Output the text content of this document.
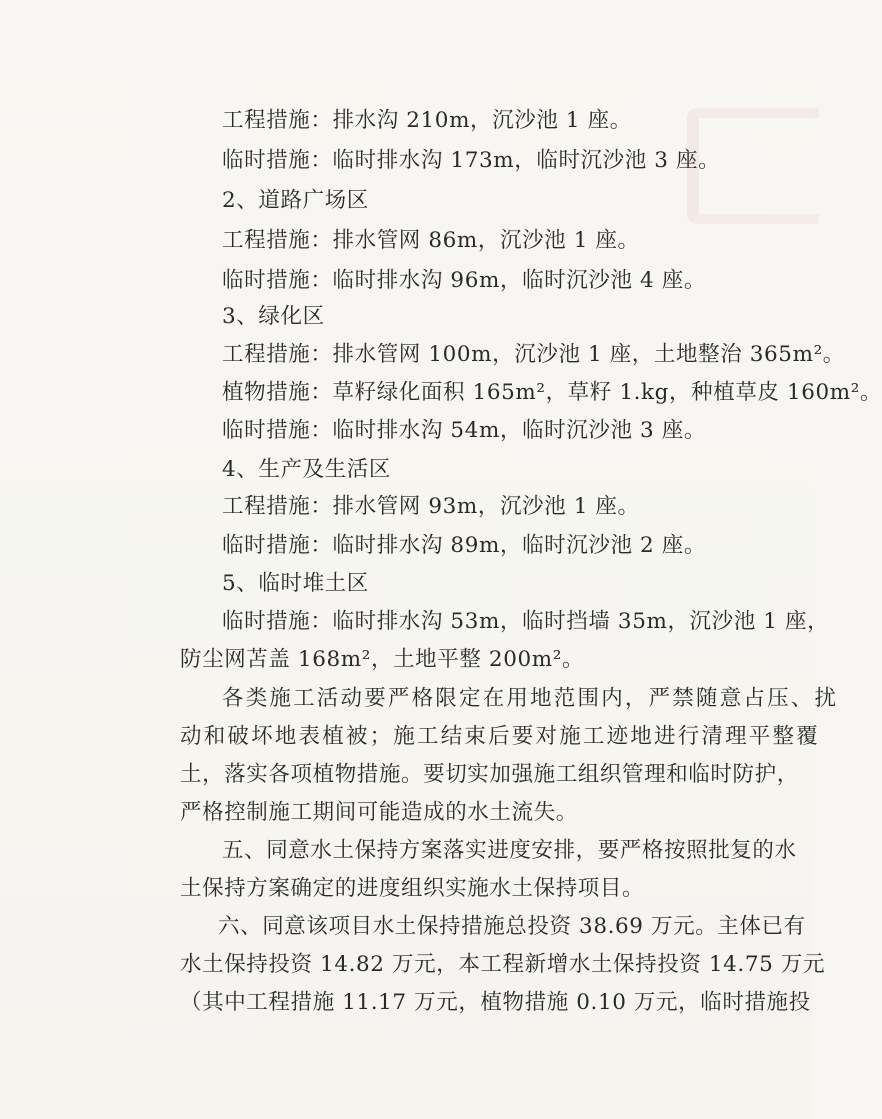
工程措施：排水沟 210m，沉沙池 1 座。
临时措施：临时排水沟 173m，临时沉沙池 3 座。
2、道路广场区
工程措施：排水管网 86m，沉沙池 1 座。
临时措施：临时排水沟 96m，临时沉沙池 4 座。
3、绿化区
工程措施：排水管网 100m，沉沙池 1 座，土地整治 365m²。
植物措施：草籽绿化面积 165m²，草籽 1.kg，种植草皮 160m²。
临时措施：临时排水沟 54m，临时沉沙池 3 座。
4、生产及生活区
工程措施：排水管网 93m，沉沙池 1 座。
临时措施：临时排水沟 89m，临时沉沙池 2 座。
5、临时堆土区
临时措施：临时排水沟 53m，临时挡墙 35m，沉沙池 1 座，
防尘网苫盖 168m²，土地平整 200m²。
各类施工活动要严格限定在用地范围内，严禁随意占压、扰
动和破坏地表植被；施工结束后要对施工迹地进行清理平整覆
土，落实各项植物措施。要切实加强施工组织管理和临时防护，
严格控制施工期间可能造成的水土流失。
五、同意水土保持方案落实进度安排，要严格按照批复的水
土保持方案确定的进度组织实施水土保持项目。
六、同意该项目水土保持措施总投资 38.69 万元。主体已有
水土保持投资 14.82 万元，本工程新增水土保持投资 14.75 万元
（其中工程措施 11.17 万元，植物措施 0.10 万元，临时措施投
